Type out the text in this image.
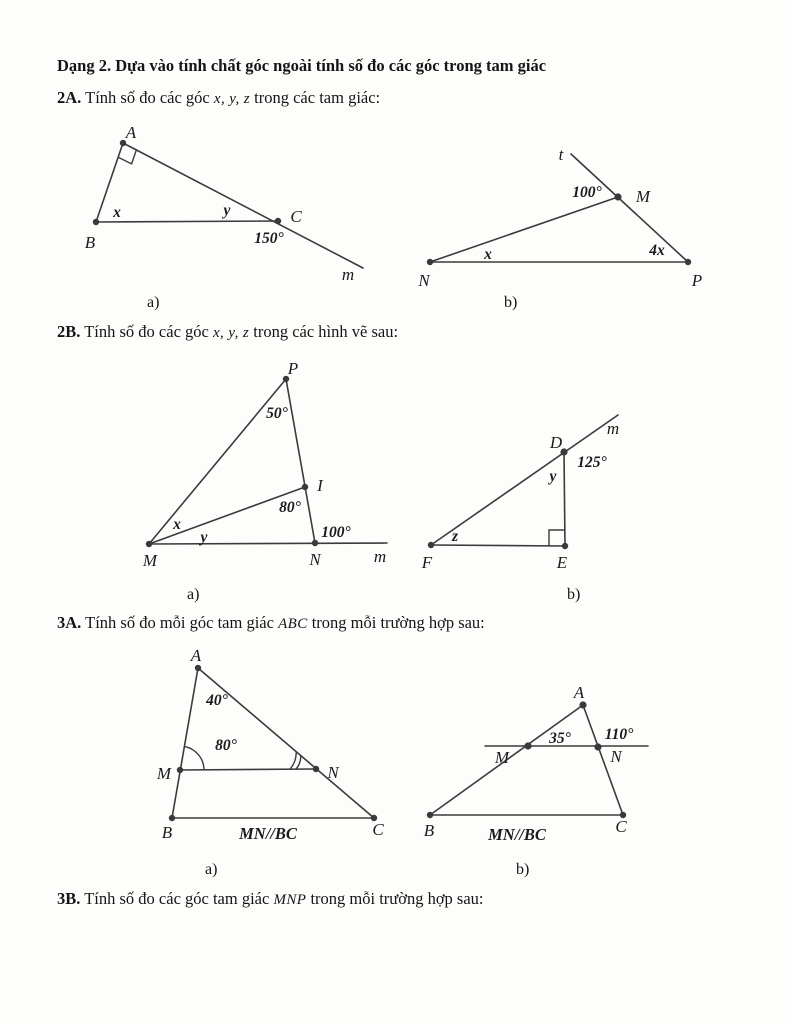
Dạng 2. Dựa vào tính chất góc ngoài tính số đo các góc trong tam giác
2A. Tính số đo các góc x, y, z trong các tam giác:
2B. Tính số đo các góc x, y, z trong các hình vẽ sau:
3A. Tính số đo mỗi góc tam giác ABC trong mỗi trường hợp sau:
3B. Tính số đo các góc tam giác MNP trong mỗi trường hợp sau:
a)	b)
a)	b)
a)	b)
A
B
C
x	y
150°
m
t
M
100°
N	P
x	4x
P
I
M	N	m
50°
80°
100°
x
y
D
E
F
m
125°
y
z
A
B	C
M	N
40°
80°
MN//BC
A
M	N
B	C
35° 110°
MN//BC
